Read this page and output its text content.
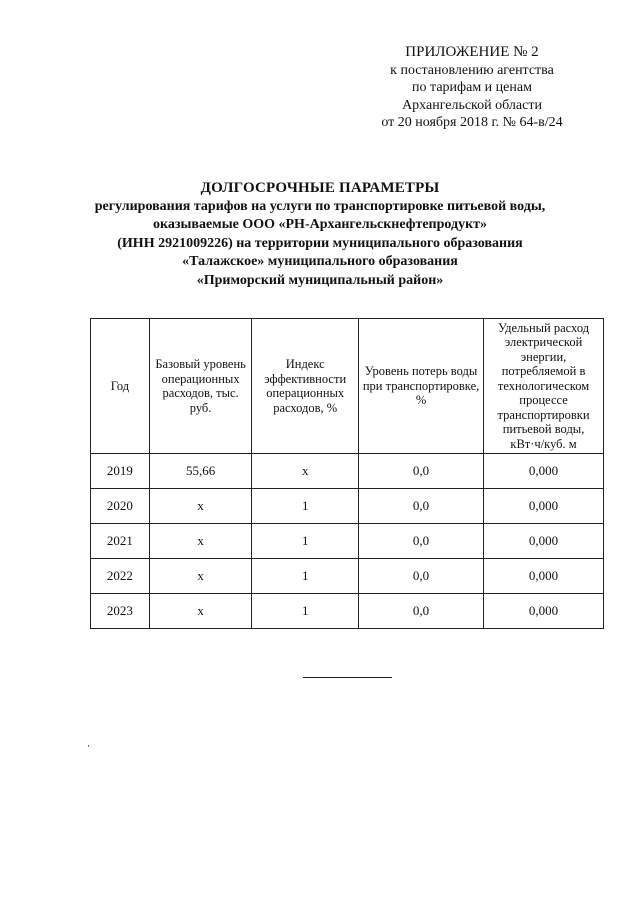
ПРИЛОЖЕНИЕ № 2
к постановлению агентства
по тарифам и ценам
Архангельской области
от 20 ноября 2018 г. № 64-в/24
ДОЛГОСРОЧНЫЕ ПАРАМЕТРЫ
регулирования тарифов на услуги по транспортировке питьевой воды,
оказываемые ООО «РН-Архангельскнефтепродукт»
(ИНН 2921009226) на территории муниципального образования
«Талажское» муниципального образования
«Приморский муниципальный район»
Год	Базовый уровень операционных расходов, тыс. руб.	Индекс эффективности операционных расходов, %	Уровень потерь воды при транспортировке, %	Удельный расход электрической энергии, потребляемой в технологическом процессе транспортировки питьевой воды, кВт·ч/куб. м
2019	55,66	x	0,0	0,000
2020	x	1	0,0	0,000
2021	x	1	0,0	0,000
2022	x	1	0,0	0,000
2023	x	1	0,0	0,000
